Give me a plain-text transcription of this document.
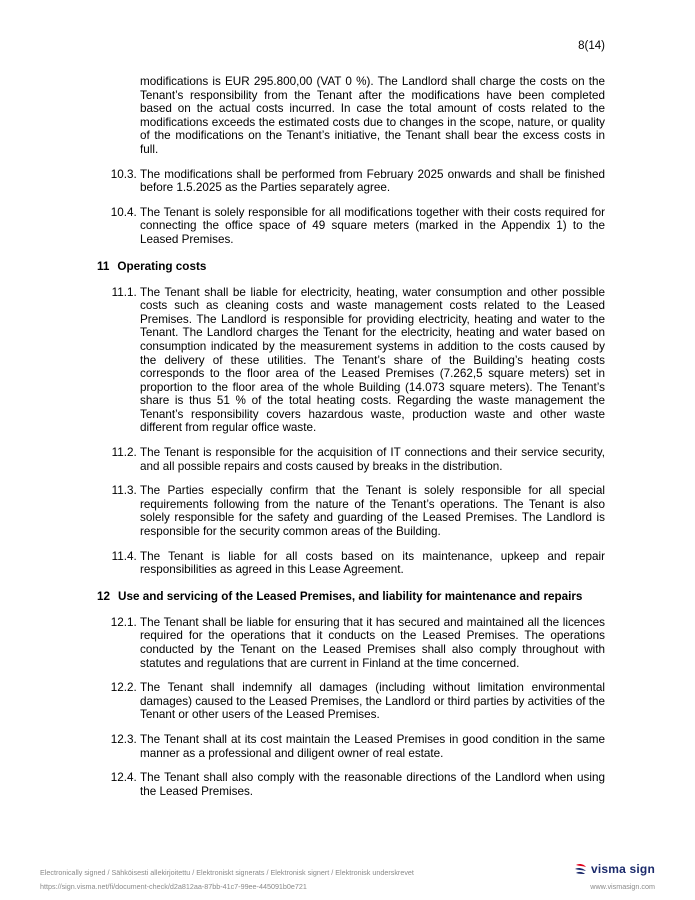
8(14)
modifications is EUR 295.800,00 (VAT 0 %). The Landlord shall charge the costs on the Tenant’s responsibility from the Tenant after the modifications have been completed based on the actual costs incurred. In case the total amount of costs related to the modifications exceeds the estimated costs due to changes in the scope, nature, or quality of the modifications on the Tenant’s initiative, the Tenant shall bear the excess costs in full.
10.3. The modifications shall be performed from February 2025 onwards and shall be finished before 1.5.2025 as the Parties separately agree.
10.4. The Tenant is solely responsible for all modifications together with their costs required for connecting the office space of 49 square meters (marked in the Appendix 1) to the Leased Premises.
11 Operating costs
11.1. The Tenant shall be liable for electricity, heating, water consumption and other possible costs such as cleaning costs and waste management costs related to the Leased Premises. The Landlord is responsible for providing electricity, heating and water to the Tenant. The Landlord charges the Tenant for the electricity, heating and water based on consumption indicated by the measurement systems in addition to the costs caused by the delivery of these utilities. The Tenant’s share of the Building’s heating costs corresponds to the floor area of the Leased Premises (7.262,5 square meters) set in proportion to the floor area of the whole Building (14.073 square meters). The Tenant’s share is thus 51 % of the total heating costs. Regarding the waste management the Tenant’s responsibility covers hazardous waste, production waste and other waste different from regular office waste.
11.2. The Tenant is responsible for the acquisition of IT connections and their service security, and all possible repairs and costs caused by breaks in the distribution.
11.3. The Parties especially confirm that the Tenant is solely responsible for all special requirements following from the nature of the Tenant’s operations. The Tenant is also solely responsible for the safety and guarding of the Leased Premises. The Landlord is responsible for the security common areas of the Building.
11.4. The Tenant is liable for all costs based on its maintenance, upkeep and repair responsibilities as agreed in this Lease Agreement.
12 Use and servicing of the Leased Premises, and liability for maintenance and repairs
12.1. The Tenant shall be liable for ensuring that it has secured and maintained all the licences required for the operations that it conducts on the Leased Premises. The operations conducted by the Tenant on the Leased Premises shall also comply throughout with statutes and regulations that are current in Finland at the time concerned.
12.2. The Tenant shall indemnify all damages (including without limitation environmental damages) caused to the Leased Premises, the Landlord or third parties by activities of the Tenant or other users of the Leased Premises.
12.3. The Tenant shall at its cost maintain the Leased Premises in good condition in the same manner as a professional and diligent owner of real estate.
12.4. The Tenant shall also comply with the reasonable directions of the Landlord when using the Leased Premises.
Electronically signed / Sähköisesti allekirjoitettu / Elektroniskt signerats / Elektronisk signert / Elektronisk underskrevet
https://sign.visma.net/fi/document-check/d2a812aa-87bb-41c7-99ee-445091b0e721
visma sign
www.vismasign.com
